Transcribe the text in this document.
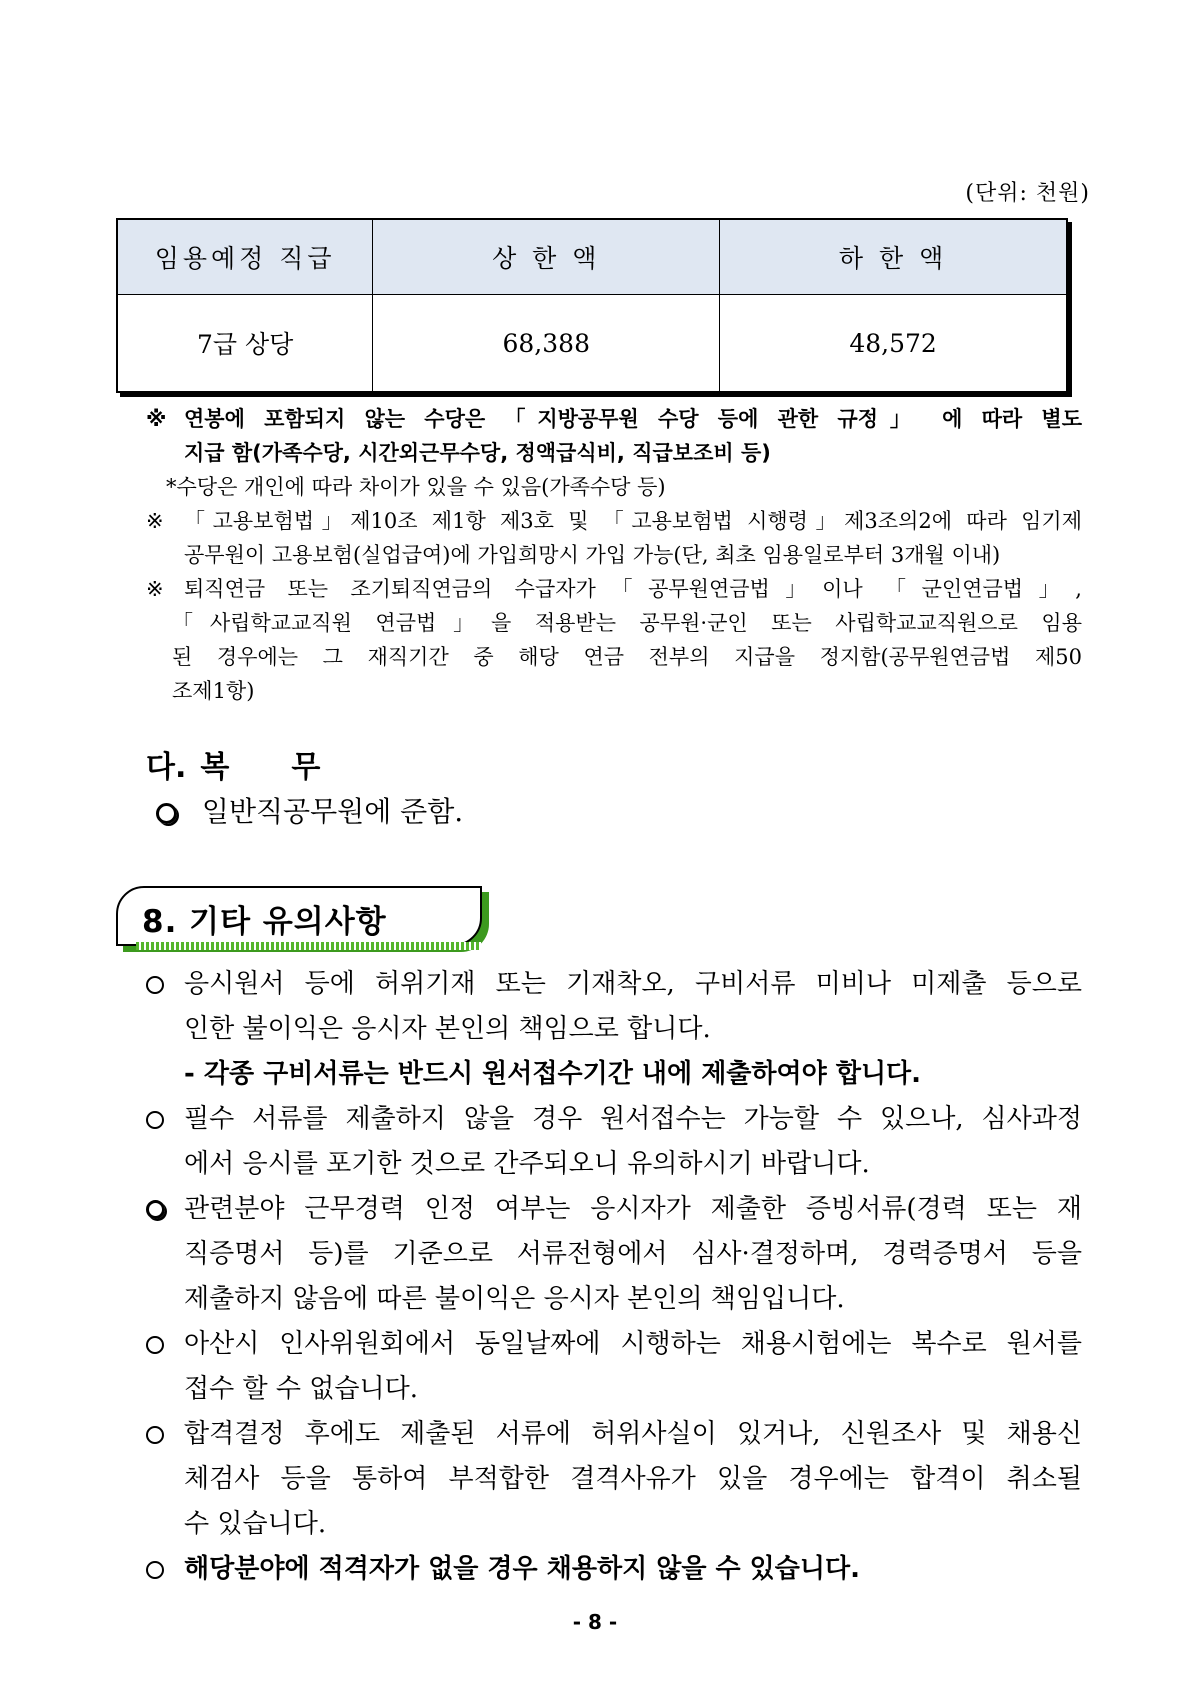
(단위: 천원)
임용예정 직급	상 한 액	하 한 액
7급 상당	68,388	48,572
※ 연봉에 포함되지 않는 수당은 「지방공무원 수당 등에 관한 규정」 에 따라 별도
지급 함(가족수당, 시간외근무수당, 정액급식비, 직급보조비 등)
*수당은 개인에 따라 차이가 있을 수 있음(가족수당 등)
※ 「고용보험법」제10조 제1항 제3호 및 「고용보험법 시행령」제3조의2에 따라 임기제
공무원이 고용보험(실업급여)에 가입희망시 가입 가능(단, 최초 임용일로부터 3개월 이내)
※ 퇴직연금 또는 조기퇴직연금의 수급자가「공무원연금법」이나 「군인연금법」,
「사립학교교직원 연금법」을 적용받는 공무원·군인 또는 사립학교교직원으로 임용
된 경우에는 그 재직기간 중 해당 연금 전부의 지급을 정지함(공무원연금법 제50
조제1항)
다. 복 무
일반직공무원에 준함.
8. 기타 유의사항
응시원서 등에 허위기재 또는 기재착오, 구비서류 미비나 미제출 등으로
인한 불이익은 응시자 본인의 책임으로 합니다.
- 각종 구비서류는 반드시 원서접수기간 내에 제출하여야 합니다.
필수 서류를 제출하지 않을 경우 원서접수는 가능할 수 있으나, 심사과정
에서 응시를 포기한 것으로 간주되오니 유의하시기 바랍니다.
관련분야 근무경력 인정 여부는 응시자가 제출한 증빙서류(경력 또는 재
직증명서 등)를 기준으로 서류전형에서 심사·결정하며, 경력증명서 등을
제출하지 않음에 따른 불이익은 응시자 본인의 책임입니다.
아산시 인사위원회에서 동일날짜에 시행하는 채용시험에는 복수로 원서를
접수 할 수 없습니다.
합격결정 후에도 제출된 서류에 허위사실이 있거나, 신원조사 및 채용신
체검사 등을 통하여 부적합한 결격사유가 있을 경우에는 합격이 취소될
수 있습니다.
해당분야에 적격자가 없을 경우 채용하지 않을 수 있습니다.
- 8 -
